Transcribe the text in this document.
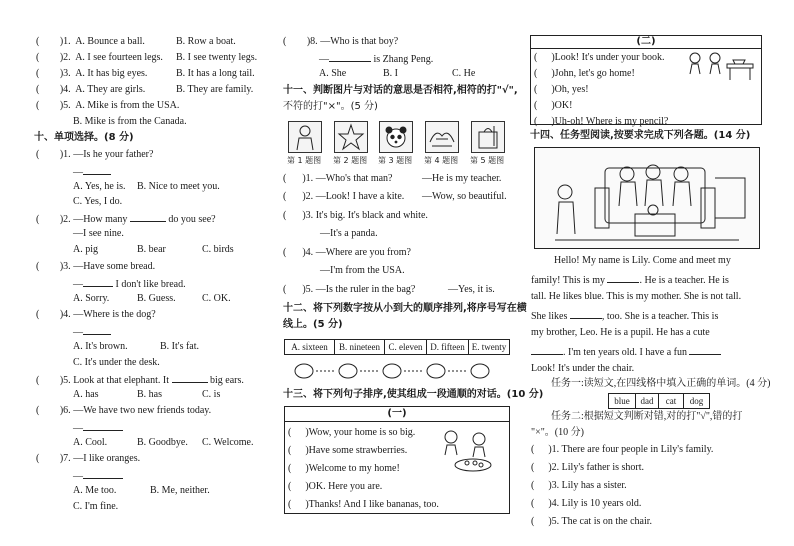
( )1. A. Bounce a ball.	B. Row a boat.
( )2. A. I see fourteen legs. B. I see twenty legs.
( )3. A. It has big eyes.	B. It has a long tail.
( )4. A. They are girls.	B. They are family.
( )5. A. Mike is from the USA.
B. Mike is from the Canada.
十、单项选择。(8 分)
( )1. —Is he your father?
—
A. Yes, he is. B. Nice to meet you.
C. Yes, I do.
( )2. —How many	do you see?
—I see nine.
A. pig	B. bear	C. birds
( )3. —Have some bread.
—	I don't like bread.
A. Sorry.	B. Guess.	C. OK.
( )4. —Where is the dog?
—
A. It's brown.	B. It's fat.
C. It's under the desk.
( )5. Look at that elephant. It	big ears.
A. has	B. has	C. is
( )6. —We have two new friends today.
—
A. Cool.	B. Goodbye. C. Welcome.
( )7. —I like oranges.
—
A. Me too.	B. Me, neither.
C. I'm fine.
( )8. —Who is that boy?
—	is Zhang Peng.
A. She	B. I	C. He
十一、判断图片与对话的意思是否相符,相符的打"√",
不符的打"×"。(5 分)
第 1 题图 第 2 题图 第 3 题图 第 4 题图 第 5 题图
( )1. —Who's that man?	—He is my teacher.
( )2. —Look! I have a kite. —Wow, so beautiful.
( )3. It's big. It's black and white.
—It's a panda.
( )4. —Where are you from?
—I'm from the USA.
( )5. —Is the ruler in the bag?	—Yes, it is.
十二、将下列数字按从小到大的顺序排列,将序号写在横
线上。(5 分)
A. sixteen	B. nineteen C. eleven D. fifteen E. twenty
十三、将下列句子排序,使其组成一段通顺的对话。(10 分)
(一)
( )Wow, your home is so big.
( )Have some strawberries.
( )Welcome to my home!
( )OK. Here you are.
( )Thanks! And I like bananas, too.
(二)
( )Look! It's under your book.
( )John, let's go home!
( )Oh, yes!
( )OK!
( )Uh-oh! Where is my pencil?
十四、任务型阅读,按要求完成下列各题。(14 分)
Hello! My name is Lily. Come and meet my
family! This is my	. He is a teacher. He is
tall. He likes blue. This is my mother. She is not tall.
She likes	, too. She is a teacher. This is
my brother, Leo. He is a pupil. He has a cute
. I'm ten years old. I have a fun
Look! It's under the chair.
任务一:读短文,在四线格中填入正确的单词。(4 分)
blue	dad	cat	dog
任务二:根据短文判断对错,对的打"√",错的打
"×"。(10 分)
( )1. There are four people in Lily's family.
( )2. Lily's father is short.
( )3. Lily has a sister.
( )4. Lily is 10 years old.
( )5. The cat is on the chair.
